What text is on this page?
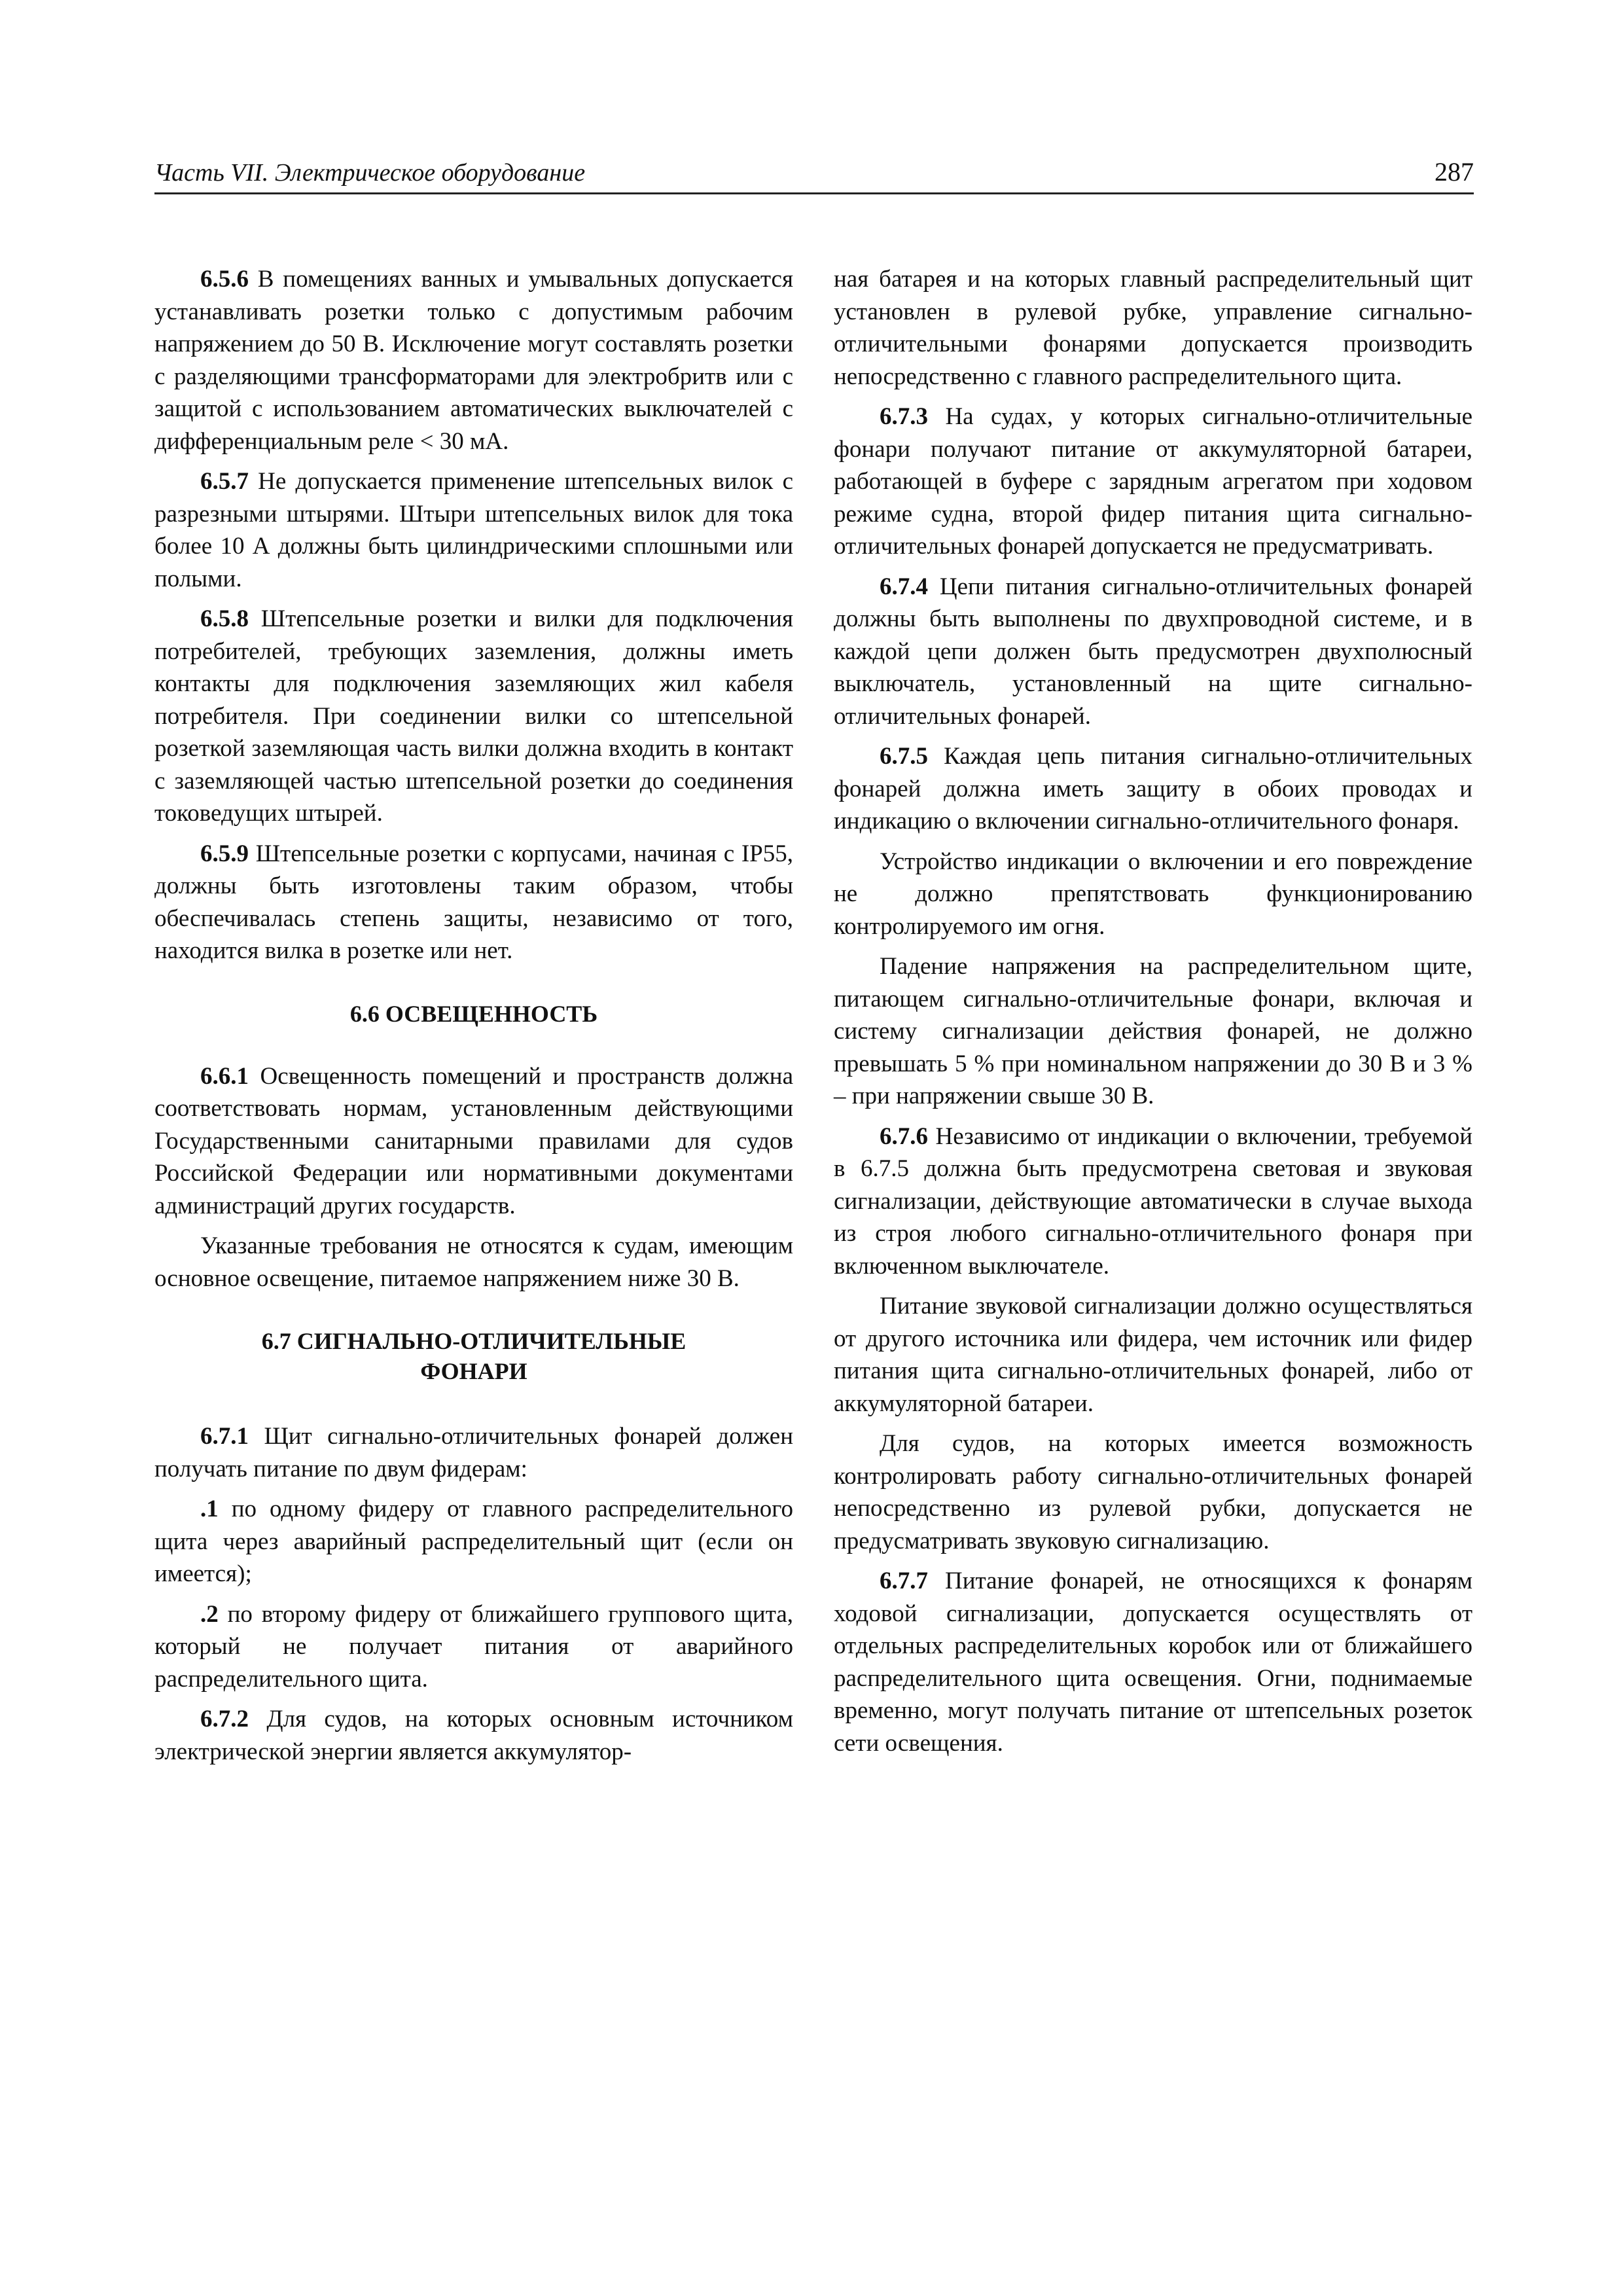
Часть VII. Электрическое оборудование	287

6.5.6 В помещениях ванных и умывальных допускается устанавливать розетки только с допустимым рабочим напряжением до 50 В. Исключение могут составлять розетки с разделяющими трансформаторами для электробритв или с защитой с использованием автоматических выключателей с дифференциальным реле < 30 мА.

6.5.7 Не допускается применение штепсельных вилок с разрезными штырями. Штыри штепсельных вилок для тока более 10 А должны быть цилиндрическими сплошными или полыми.

6.5.8 Штепсельные розетки и вилки для подключения потребителей, требующих заземления, должны иметь контакты для подключения заземляющих жил кабеля потребителя. При соединении вилки со штепсельной розеткой заземляющая часть вилки должна входить в контакт с заземляющей частью штепсельной розетки до соединения токоведущих штырей.

6.5.9 Штепсельные розетки с корпусами, начиная с IP55, должны быть изготовлены таким образом, чтобы обеспечивалась степень защиты, независимо от того, находится вилка в розетке или нет.

6.6 ОСВЕЩЕННОСТЬ

6.6.1 Освещенность помещений и пространств должна соответствовать нормам, установленным действующими Государственными санитарными правилами для судов Российской Федерации или нормативными документами администраций других государств.

Указанные требования не относятся к судам, имеющим основное освещение, питаемое напряжением ниже 30 В.

6.7 СИГНАЛЬНО-ОТЛИЧИТЕЛЬНЫЕ
ФОНАРИ

6.7.1 Щит сигнально-отличительных фонарей должен получать питание по двум фидерам:

.1 по одному фидеру от главного распределительного щита через аварийный распределительный щит (если он имеется);

.2 по второму фидеру от ближайшего группового щита, который не получает питания от аварийного распределительного щита.

6.7.2 Для судов, на которых основным источником электрической энергии является аккумулятор-

ная батарея и на которых главный распределительный щит установлен в рулевой рубке, управление сигнально-отличительными фонарями допускается производить непосредственно с главного распределительного щита.

6.7.3 На судах, у которых сигнально-отличительные фонари получают питание от аккумуляторной батареи, работающей в буфере с зарядным агрегатом при ходовом режиме судна, второй фидер питания щита сигнально-отличительных фонарей допускается не предусматривать.

6.7.4 Цепи питания сигнально-отличительных фонарей должны быть выполнены по двухпроводной системе, и в каждой цепи должен быть предусмотрен двухполюсный выключатель, установленный на щите сигнально-отличительных фонарей.

6.7.5 Каждая цепь питания сигнально-отличительных фонарей должна иметь защиту в обоих проводах и индикацию о включении сигнально-отличительного фонаря.

Устройство индикации о включении и его повреждение не должно препятствовать функционированию контролируемого им огня.

Падение напряжения на распределительном щите, питающем сигнально-отличительные фонари, включая и систему сигнализации действия фонарей, не должно превышать 5 % при номинальном напряжении до 30 В и 3 % – при напряжении свыше 30 В.

6.7.6 Независимо от индикации о включении, требуемой в 6.7.5 должна быть предусмотрена световая и звуковая сигнализации, действующие автоматически в случае выхода из строя любого сигнально-отличительного фонаря при включенном выключателе.

Питание звуковой сигнализации должно осуществляться от другого источника или фидера, чем источник или фидер питания щита сигнально-отличительных фонарей, либо от аккумуляторной батареи.

Для судов, на которых имеется возможность контролировать работу сигнально-отличительных фонарей непосредственно из рулевой рубки, допускается не предусматривать звуковую сигнализацию.

6.7.7 Питание фонарей, не относящихся к фонарям ходовой сигнализации, допускается осуществлять от отдельных распределительных коробок или от ближайшего распределительного щита освещения. Огни, поднимаемые временно, могут получать питание от штепсельных розеток сети освещения.
